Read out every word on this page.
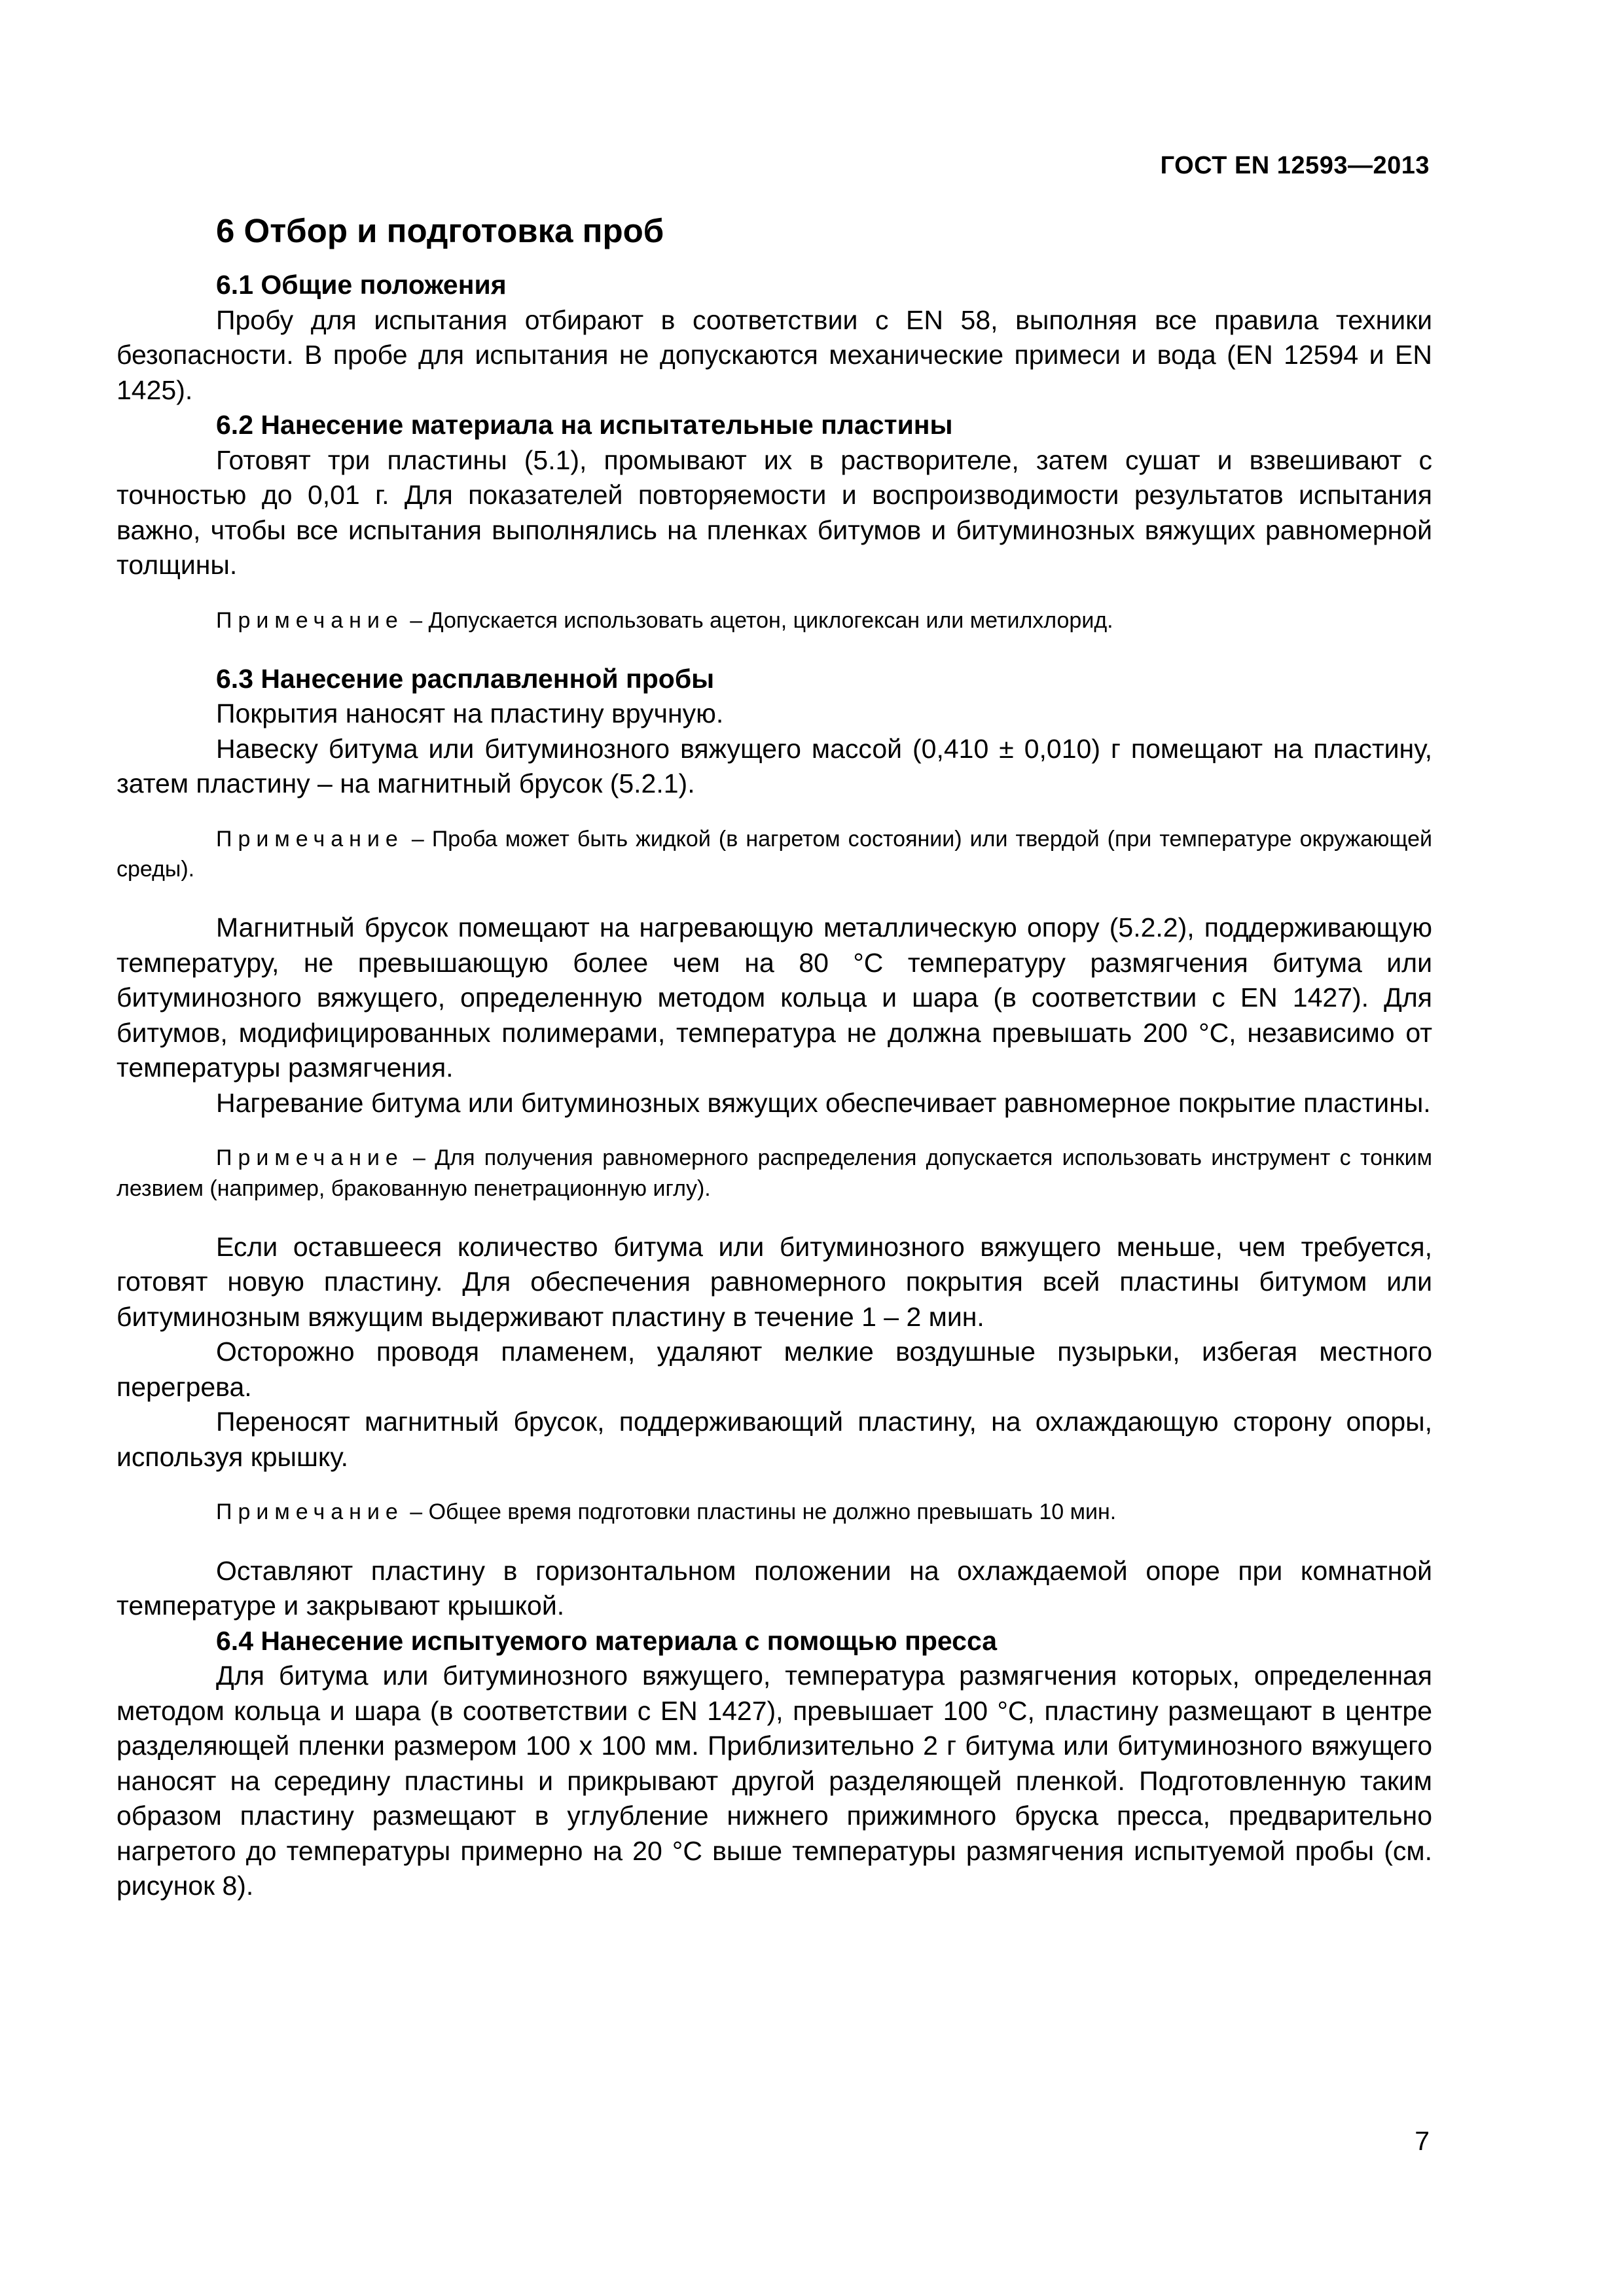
ГОСТ EN 12593—2013
6 Отбор и подготовка проб
6.1 Общие положения

Пробу для испытания отбирают в соответствии с EN 58, выполняя все правила техники безопасности. В пробе для испытания не допускаются механические примеси и вода (EN 12594 и EN 1425).

6.2 Нанесение материала на испытательные пластины

Готовят три пластины (5.1), промывают их в растворителе, затем сушат и взвешивают с точностью до 0,01 г. Для показателей повторяемости и воспроизводимости результатов испытания важно, чтобы все испытания выполнялись на пленках битумов и битуминозных вяжущих равномерной толщины.

Примечание – Допускается использовать ацетон, циклогексан или метилхлорид.

6.3 Нанесение расплавленной пробы

Покрытия наносят на пластину вручную.

Навеску битума или битуминозного вяжущего массой (0,410 ± 0,010) г помещают на пластину, затем пластину – на магнитный брусок (5.2.1).

Примечание – Проба может быть жидкой (в нагретом состоянии) или твердой (при температуре окружающей среды).

Магнитный брусок помещают на нагревающую металлическую опору (5.2.2), поддерживающую температуру, не превышающую более чем на 80 °С температуру размягчения битума или битуминозного вяжущего, определенную методом кольца и шара (в соответствии с EN 1427). Для битумов, модифицированных полимерами, температура не должна превышать 200 °С, независимо от температуры размягчения.

Нагревание битума или битуминозных вяжущих обеспечивает равномерное покрытие пластины.

Примечание – Для получения равномерного распределения допускается использовать инструмент с тонким лезвием (например, бракованную пенетрационную иглу).

Если оставшееся количество битума или битуминозного вяжущего меньше, чем требуется, готовят новую пластину. Для обеспечения равномерного покрытия всей пластины битумом или битуминозным вяжущим выдерживают пластину в течение 1 – 2 мин.

Осторожно проводя пламенем, удаляют мелкие воздушные пузырьки, избегая местного перегрева.

Переносят магнитный брусок, поддерживающий пластину, на охлаждающую сторону опоры, используя крышку.

Примечание – Общее время подготовки пластины не должно превышать 10 мин.

Оставляют пластину в горизонтальном положении на охлаждаемой опоре при комнатной температуре и закрывают крышкой.

6.4 Нанесение испытуемого материала с помощью пресса

Для битума или битуминозного вяжущего, температура размягчения которых, определенная методом кольца и шара (в соответствии с EN 1427), превышает 100 °С, пластину размещают в центре разделяющей пленки размером 100 х 100 мм. Приблизительно 2 г битума или битуминозного вяжущего наносят на середину пластины и прикрывают другой разделяющей пленкой. Подготовленную таким образом пластину размещают в углубление нижнего прижимного бруска пресса, предварительно нагретого до температуры примерно на 20 °С выше температуры размягчения испытуемой пробы (см. рисунок 8).

7
